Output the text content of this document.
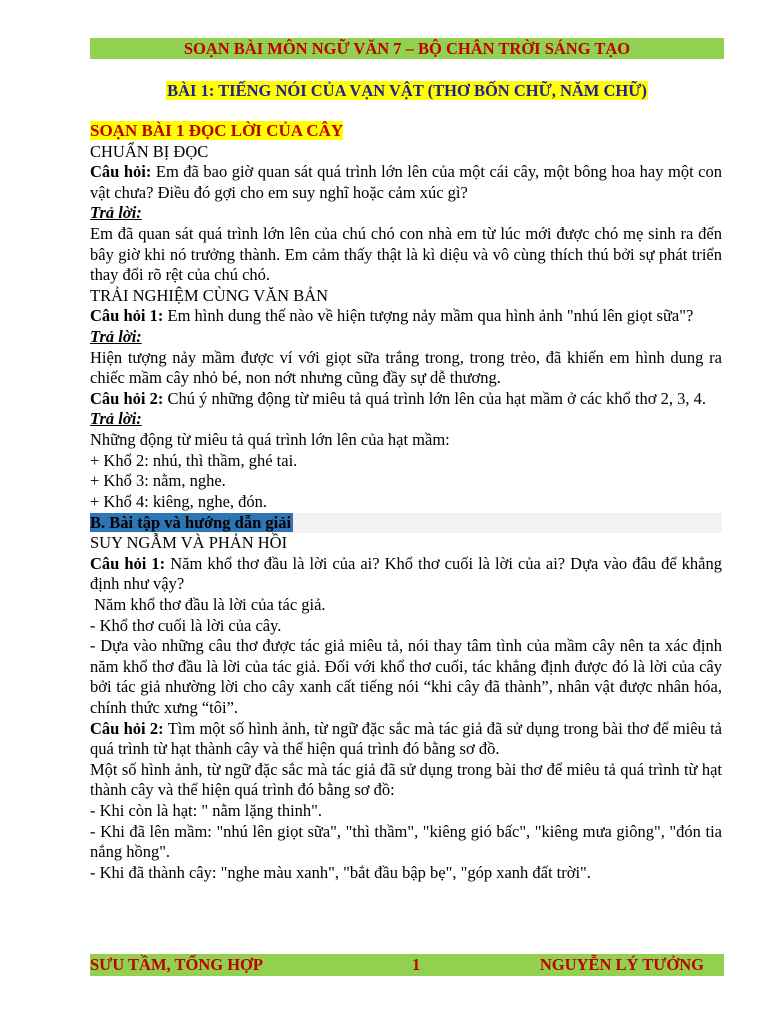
SOẠN BÀI MÔN NGỮ VĂN 7 – BỘ CHÂN TRỜI SÁNG TẠO
BÀI 1: TIẾNG NÓI CỦA VẠN VẬT (THƠ BỐN CHỮ, NĂM CHỮ)

SOẠN BÀI 1 ĐỌC LỜI CỦA CÂY

CHUẨN BỊ ĐỌC

Câu hỏi: Em đã bao giờ quan sát quá trình lớn lên của một cái cây, một bông hoa hay một con vật chưa? Điều đó gợi cho em suy nghĩ hoặc cảm xúc gì?

Trả lời:

Em đã quan sát quá trình lớn lên của chú chó con nhà em từ lúc mới được chó mẹ sinh ra đến bây giờ khi nó trưởng thành. Em cảm thấy thật là kì diệu và vô cùng thích thú bởi sự phát triển thay đổi rõ rệt của chú chó.

TRẢI NGHIỆM CÙNG VĂN BẢN

Câu hỏi 1: Em hình dung thế nào về hiện tượng nảy mầm qua hình ảnh "nhú lên giọt sữa"?

Trả lời:

Hiện tượng nảy mầm được ví với giọt sữa trắng trong, trong trẻo, đã khiến em hình dung ra chiếc mầm cây nhỏ bé, non nớt nhưng cũng đầy sự dễ thương.

Câu hỏi 2: Chú ý những động từ miêu tả quá trình lớn lên của hạt mầm ở các khổ thơ 2, 3, 4.

Trả lời:

Những động từ miêu tả quá trình lớn lên của hạt mầm:

+ Khổ 2: nhú, thì thầm, ghé tai.

+ Khổ 3: nằm, nghe.

+ Khổ 4: kiêng, nghe, đón.

B. Bài tập và hướng dẫn giải

SUY NGẪM VÀ PHẢN HỒI

Câu hỏi 1: Năm khổ thơ đầu là lời của ai? Khổ thơ cuối là lời của ai? Dựa vào đâu để khẳng định như vậy?

Năm khổ thơ đầu là lời của tác giả.

- Khổ thơ cuối là lời của cây.

- Dựa vào những câu thơ được tác giả miêu tả, nói thay tâm tình của mầm cây nên ta xác định năm khổ thơ đầu là lời của tác giả. Đối với khổ thơ cuối, tác khẳng định được đó là lời của cây bởi tác giả nhường lời cho cây xanh cất tiếng nói “khi cây đã thành”, nhân vật được nhân hóa, chính thức xưng “tôi”.

Câu hỏi 2: Tìm một số hình ảnh, từ ngữ đặc sắc mà tác giả đã sử dụng trong bài thơ để miêu tả quá trình từ hạt thành cây và thể hiện quá trình đó bằng sơ đồ.

Một số hình ảnh, từ ngữ đặc sắc mà tác giả đã sử dụng trong bài thơ để miêu tả quá trình từ hạt thành cây và thể hiện quá trình đó bằng sơ đồ:

- Khi còn là hạt: " nằm lặng thinh".

- Khi đã lên mầm: "nhú lên giọt sữa", "thì thầm", "kiêng gió bấc", "kiêng mưa giông", "đón tia nắng hồng".

- Khi đã thành cây: "nghe màu xanh", "bắt đầu bập bẹ", "góp xanh đất trời".

SƯU TẦM, TỔNG HỢP	1	NGUYỄN LÝ TƯỞNG
